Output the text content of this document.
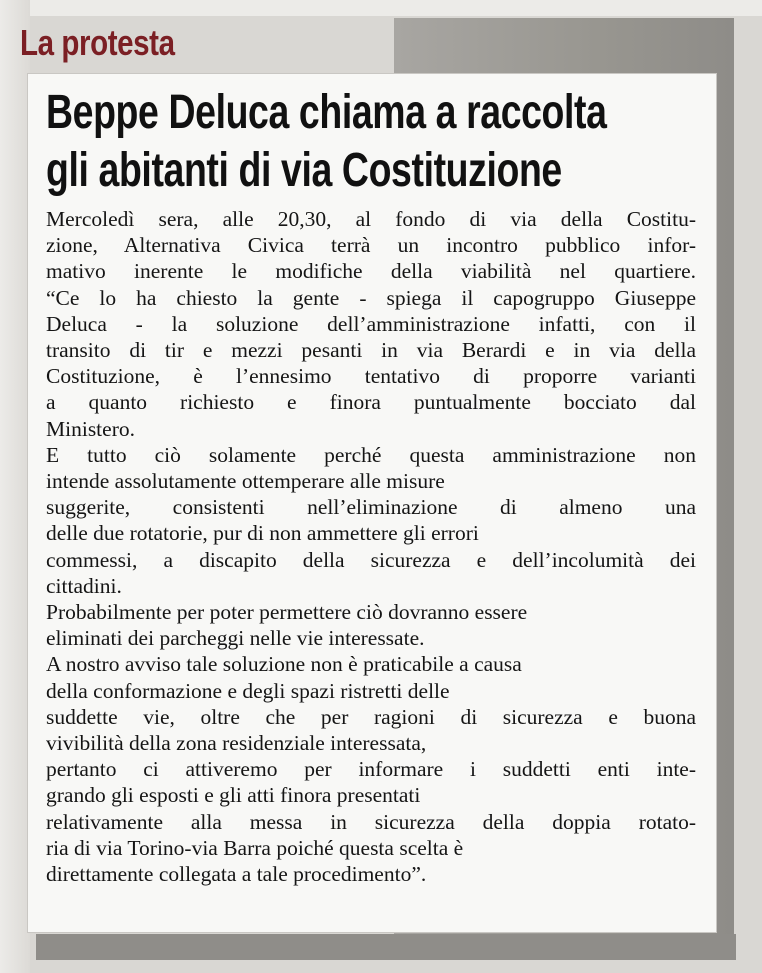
La protesta
Beppe Deluca chiama a raccolta
gli abitanti di via Costituzione
Mercoledì sera, alle 20,30, al fondo di via della Costitu-
zione, Alternativa Civica terrà un incontro pubblico infor-
mativo inerente le modifiche della viabilità nel quartiere.
“Ce lo ha chiesto la gente - spiega il capogruppo Giuseppe
Deluca - la soluzione dell’amministrazione infatti, con il
transito di tir e mezzi pesanti in via Berardi e in via della
Costituzione, è l’ennesimo tentativo di proporre varianti
a quanto richiesto e finora puntualmente bocciato dal
Ministero.
E tutto ciò solamente perché questa amministrazione non
intende assolutamente ottemperare alle misure
suggerite, consistenti nell’eliminazione di almeno una
delle due rotatorie, pur di non ammettere gli errori
commessi, a discapito della sicurezza e dell’incolumità dei
cittadini.
Probabilmente per poter permettere ciò dovranno essere
eliminati dei parcheggi nelle vie interessate.
A nostro avviso tale soluzione non è praticabile a causa
della conformazione e degli spazi ristretti delle
suddette vie, oltre che per ragioni di sicurezza e buona
vivibilità della zona residenziale interessata,
pertanto ci attiveremo per informare i suddetti enti inte-
grando gli esposti e gli atti finora presentati
relativamente alla messa in sicurezza della doppia rotato-
ria di via Torino-via Barra poiché questa scelta è
direttamente collegata a tale procedimento”.
